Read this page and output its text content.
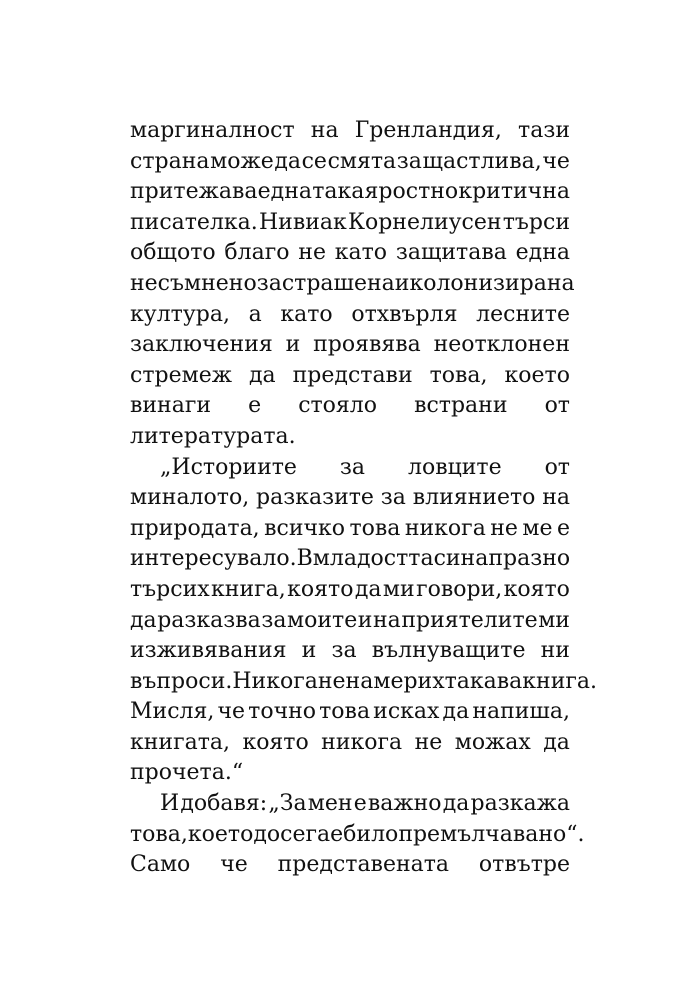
маргиналност на Гренландия, тази
страна може да се смята за щастлива, че
притежава една така яростно критична
писателка. Нивиак Корнелиусен търси
общото благо не като защитава една
несъмнено застрашена и колонизирана
култура, а като отхвърля лесните
заключения и проявява неотклонен
стремеж да представи това, което
винаги е стояло встрани от
литературата.
„Историите за ловците от
миналото, разказите за влиянието на
природата, всичко това никога не ме е
интересувало. В младостта си напразно
търсих книга, която да ми говори, която
да разказва за моите и на приятелите ми
изживявания и за вълнуващите ни
въпроси. Никога не намерих такава книга.
Мисля, че точно това исках да напиша,
книгата, която никога не можах да
прочета.“
И добавя: „За мен е важно да разкажа
това, което досега е било премълчавано“.
Само че представената отвътре
